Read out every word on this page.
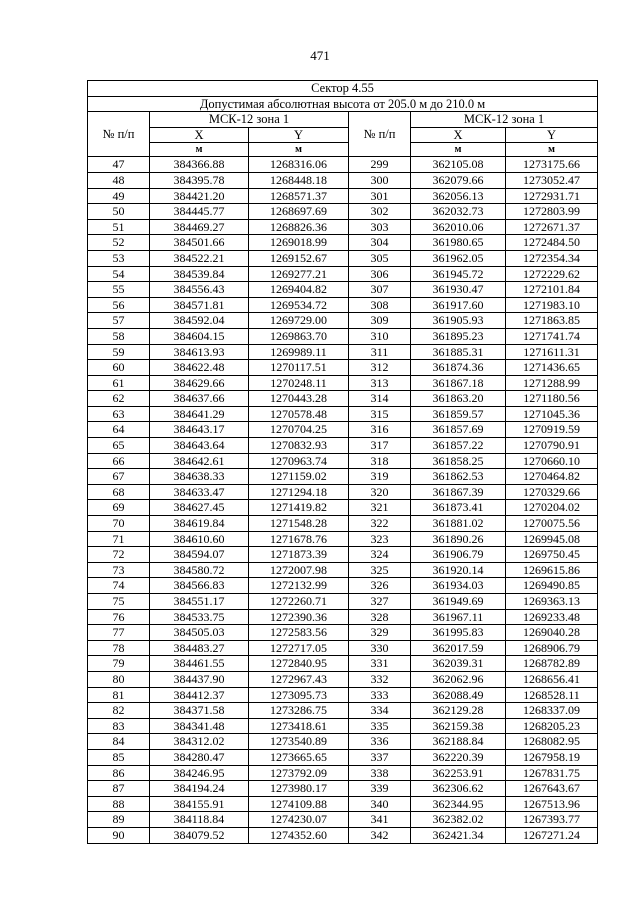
471
Сектор 4.55					
Допустимая абсолютная высота от 205.0 м до 210.0 м					
№ п/п	МСК-12 зона 1		№ п/п	МСК-12 зона 1	
	X	Y		X	Y
	м	м		м	м
47	384366.88	1268316.06	299	362105.08	1273175.66
48	384395.78	1268448.18	300	362079.66	1273052.47
49	384421.20	1268571.37	301	362056.13	1272931.71
50	384445.77	1268697.69	302	362032.73	1272803.99
51	384469.27	1268826.36	303	362010.06	1272671.37
52	384501.66	1269018.99	304	361980.65	1272484.50
53	384522.21	1269152.67	305	361962.05	1272354.34
54	384539.84	1269277.21	306	361945.72	1272229.62
55	384556.43	1269404.82	307	361930.47	1272101.84
56	384571.81	1269534.72	308	361917.60	1271983.10
57	384592.04	1269729.00	309	361905.93	1271863.85
58	384604.15	1269863.70	310	361895.23	1271741.74
59	384613.93	1269989.11	311	361885.31	1271611.31
60	384622.48	1270117.51	312	361874.36	1271436.65
61	384629.66	1270248.11	313	361867.18	1271288.99
62	384637.66	1270443.28	314	361863.20	1271180.56
63	384641.29	1270578.48	315	361859.57	1271045.36
64	384643.17	1270704.25	316	361857.69	1270919.59
65	384643.64	1270832.93	317	361857.22	1270790.91
66	384642.61	1270963.74	318	361858.25	1270660.10
67	384638.33	1271159.02	319	361862.53	1270464.82
68	384633.47	1271294.18	320	361867.39	1270329.66
69	384627.45	1271419.82	321	361873.41	1270204.02
70	384619.84	1271548.28	322	361881.02	1270075.56
71	384610.60	1271678.76	323	361890.26	1269945.08
72	384594.07	1271873.39	324	361906.79	1269750.45
73	384580.72	1272007.98	325	361920.14	1269615.86
74	384566.83	1272132.99	326	361934.03	1269490.85
75	384551.17	1272260.71	327	361949.69	1269363.13
76	384533.75	1272390.36	328	361967.11	1269233.48
77	384505.03	1272583.56	329	361995.83	1269040.28
78	384483.27	1272717.05	330	362017.59	1268906.79
79	384461.55	1272840.95	331	362039.31	1268782.89
80	384437.90	1272967.43	332	362062.96	1268656.41
81	384412.37	1273095.73	333	362088.49	1268528.11
82	384371.58	1273286.75	334	362129.28	1268337.09
83	384341.48	1273418.61	335	362159.38	1268205.23
84	384312.02	1273540.89	336	362188.84	1268082.95
85	384280.47	1273665.65	337	362220.39	1267958.19
86	384246.95	1273792.09	338	362253.91	1267831.75
87	384194.24	1273980.17	339	362306.62	1267643.67
88	384155.91	1274109.88	340	362344.95	1267513.96
89	384118.84	1274230.07	341	362382.02	1267393.77
90	384079.52	1274352.60	342	362421.34	1267271.24
